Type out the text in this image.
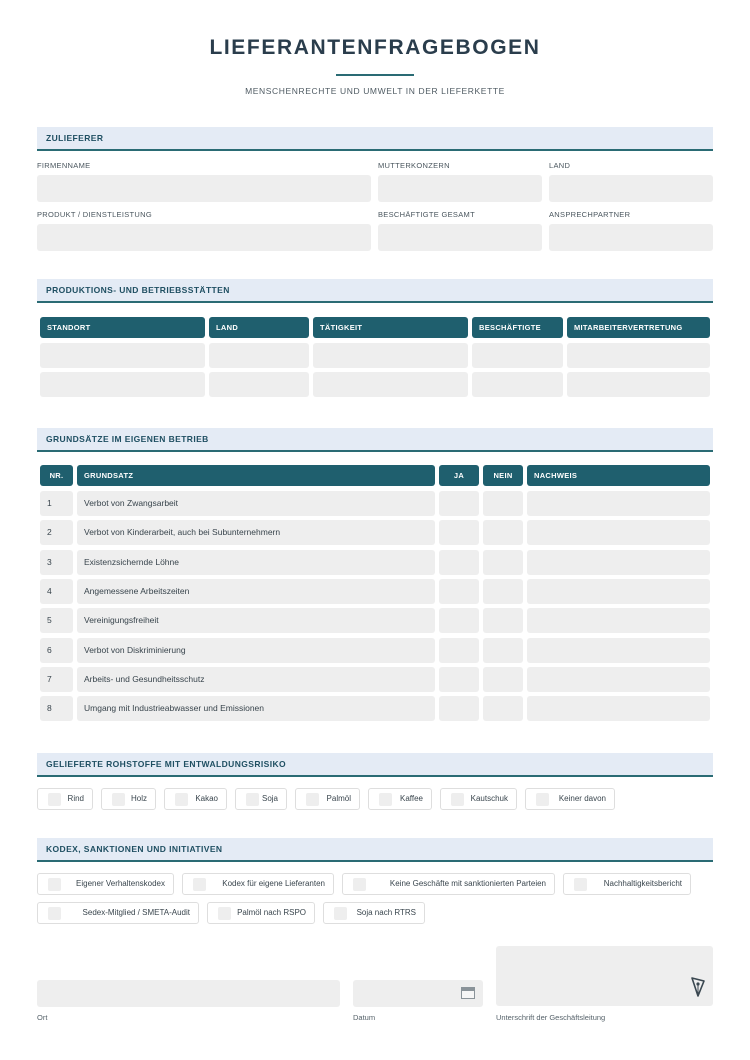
LIEFERANTENFRAGEBOGEN
MENSCHENRECHTE UND UMWELT IN DER LIEFERKETTE
ZULIEFERER
FIRMENNAME	MUTTERKONZERN	LAND
PRODUKT / DIENSTLEISTUNG	BESCHÄFTIGTE GESAMT	ANSPRECHPARTNER
PRODUKTIONS- UND BETRIEBSSTÄTTEN
STANDORT	LAND	TÄTIGKEIT	BESCHÄFTIGTE	MITARBEITERVERTRETUNG
GRUNDSÄTZE IM EIGENEN BETRIEB
NR.	GRUNDSATZ	JA	NEIN	NACHWEIS
1	Verbot von Zwangsarbeit
2	Verbot von Kinderarbeit, auch bei Subunternehmern
3	Existenzsichernde Löhne
4	Angemessene Arbeitszeiten
5	Vereinigungsfreiheit
6	Verbot von Diskriminierung
7	Arbeits- und Gesundheitsschutz
8	Umgang mit Industrieabwasser und Emissionen
GELIEFERTE ROHSTOFFE MIT ENTWALDUNGSRISIKO
Rind	Holz	Kakao	Soja	Palmöl	Kaffee	Kautschuk	Keiner davon
KODEX, SANKTIONEN UND INITIATIVEN
Eigener Verhaltenskodex	Kodex für eigene Lieferanten	Keine Geschäfte mit sanktionierten Parteien	Nachhaltigkeitsbericht
Sedex-Mitglied / SMETA-Audit	Palmöl nach RSPO	Soja nach RTRS
Ort	Datum	Unterschrift der Geschäftsleitung
